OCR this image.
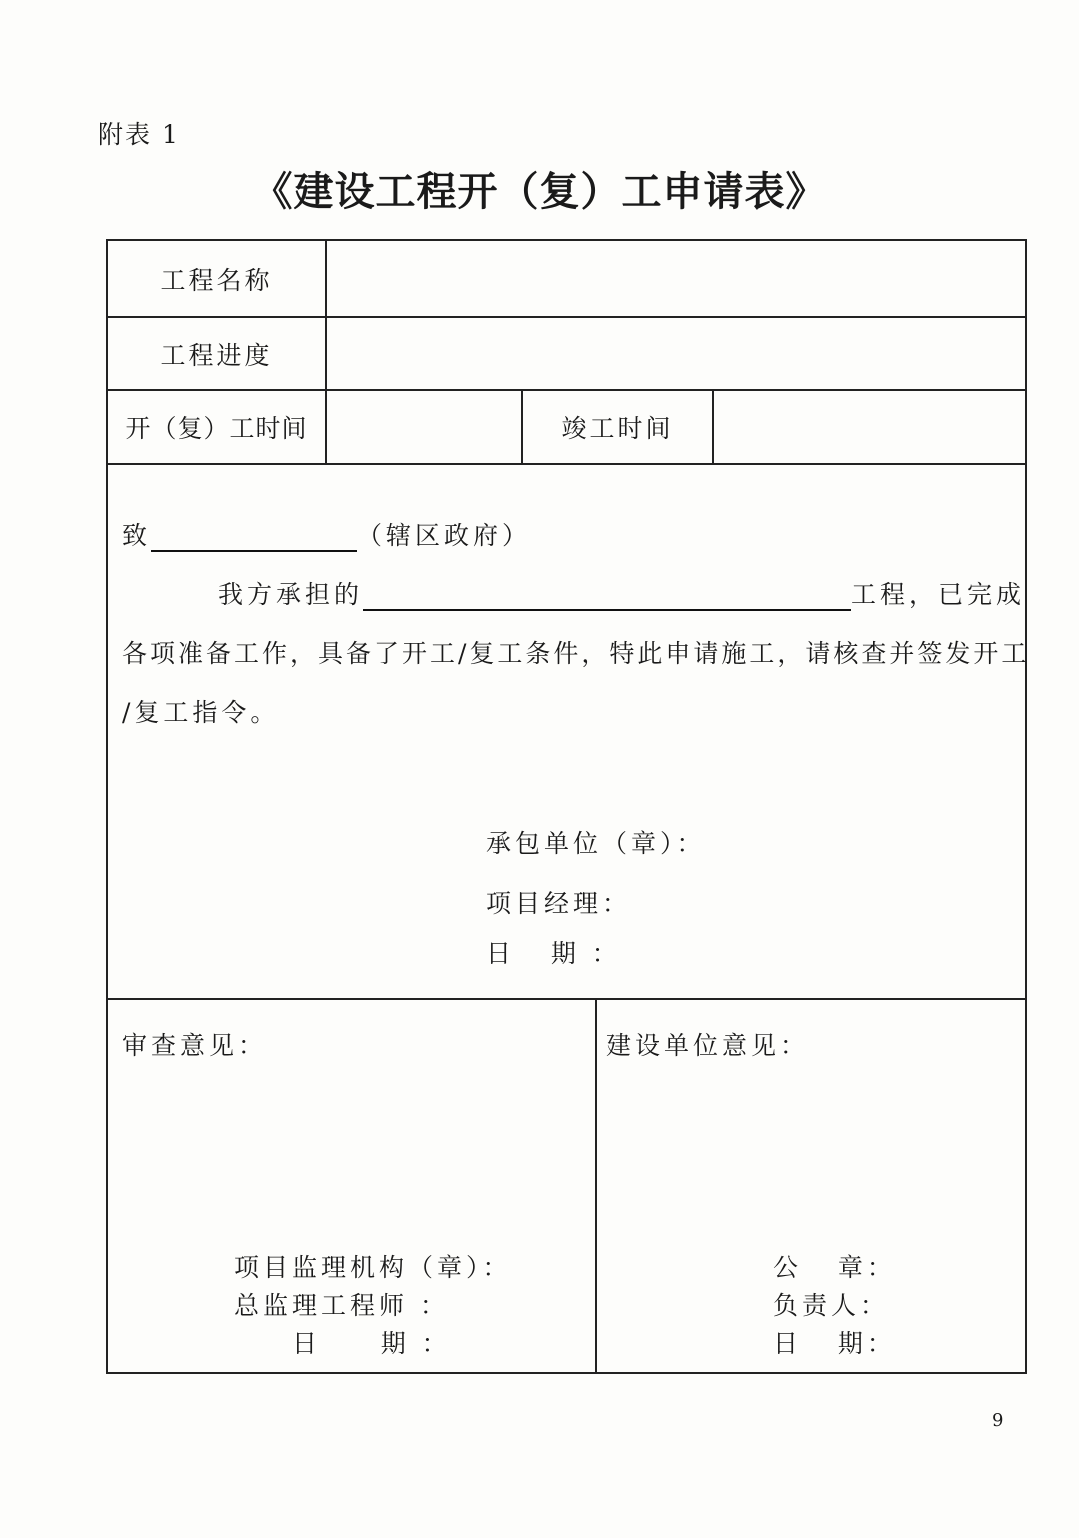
附表 1
《建设工程开（复）工申请表》
工程名称
工程进度
开（复）工时间	竣工时间
致	（辖区政府）
我方承担的	工程，已完成
各项准备工作，具备了开工/复工条件，特此申请施工，请核查并签发开工
/复工指令。
承包单位（章）：
项目经理：
日   期 ：
审查意见：
项目监理机构（章）：
总监理工程师 ：
日     期 ：
建设单位意见：
公   章：
负责人：
日   期：
9
